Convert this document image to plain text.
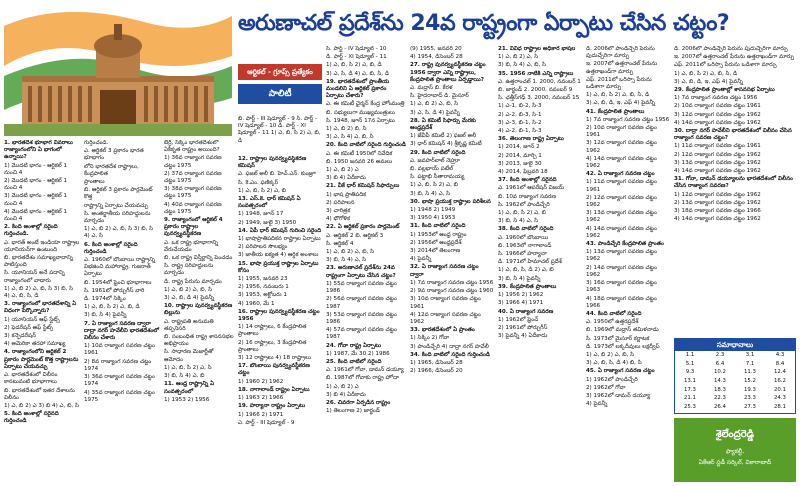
అరుణాచల్ ప్రదేశ్‌ను 24వ రాష్ట్రంగా ఏర్పాటు చేసిన చట్టం?
ఆర్టికల్ - గ్రూప్స్ ప్రత్యేకం
పాలిటీ
బి. పార్ట్ - III షెడ్యూల్ - 9 సి. పార్ట్ - IV షెడ్యూల్ - 10 డి. పార్ట్ - XI షెడ్యూల్ - 11 1) ఎ, బి, సి 2) ఎ, బి, డి

1. భారతదేశ భూభాగ వివరాలు రాజ్యాంగంలోని ఏ భాగంలో ఉన్నాయి?

1) మొదటి భాగం - ఆర్టికల్ 1 నుంచి 4

2) మొదటి భాగం - ఆర్టికల్ 1 నుంచి 4

3) మొదటి భాగం - ఆర్టికల్ 1 నుంచి 4

4) మొదటి భాగం - ఆర్టికల్ 1 నుంచి 4

2. కింది అంశాల్లో సరైంది గుర్తించండి.

ఎ. భారత్ అంటే ఇండియా రాష్ట్రాల యూనియన్‌గా ఉంటుంది

బి. భారతదేశం సమాఖ్యవాదాన్ని పాటిస్తుంది

సి. యూనియన్ అనే పదాన్ని రాజ్యాంగంలో వాడారు

1) ఎ, బి 2) ఎ, బి, సి 3) బి, సి 4) ఎ, బి, సి, డి

3. రాజ్యాంగంలో భారతదేశాన్ని ఏ విధంగా పేర్కొన్నారు?

1) యూనియన్ ఆఫ్ స్టేట్స్

2) ఫెడరేషన్ ఆఫ్ స్టేట్స్

3) కన్ఫెడరేషన్

4) అమెరికా తరహా సమాఖ్య

4. రాజ్యాంగంలోని ఆర్టికల్ 2 ప్రకారం పార్లమెంట్ కొత్త రాష్ట్రాలను ఏర్పాటు చేయవచ్చు

ఎ. భారతదేశంలో విలీనం కానటువంటి భూభాగాలు

బి. భారతదేశంలో ఇతర దేశాలను విలీనం

1) ఎ, బి 2) ఎ 3) బి 4) ఎ, బి, సి

5. కింది అంశాల్లో సరైనది గుర్తించండి

గుర్తించండి.

ఎ. ఆర్టికల్ 3 ప్రకారం భారత భూభాగం

లోని భారతదేశ రాష్ట్రాలు, కేంద్రపాలిత

ప్రాంతాలు

బి. ఆర్టికల్ 3 ప్రకారం పార్లమెంట్ కొత్త

రాష్ట్రాన్ని ఏర్పాటు చేయవచ్చు

సి. అంతర్జాతీయ సరిహద్దులను మార్చడం

1) ఎ, బి 2) ఎ, బి, సి 3) బి, సి 4) ఎ, సి

6. కింది అంశాల్లో సరైంది గుర్తించండి

ఎ. 1960లో బొంబాయి రాష్ట్రాన్ని విభజించి మహారాష్ట్ర, గుజరాత్ ఏర్పాటు

బి. 1954లో ఫ్రెంచి భూభాగాలు

సి. 1961లో పోర్చుగీస్ వారి

డి. 1974లో సిక్కిం

1) ఎ, బి, సి 2) ఎ, బి, డి

3) బి, సి 4) పైవన్నీ

7. ఏ రాజ్యాంగ సవరణ ద్వారా దాద్రా నగర్ హవేలీని భారతదేశంలో విలీనం చేశారు

1) 10వ రాజ్యాంగ సవరణ చట్టం 1961

2) 8వ రాజ్యాంగ సవరణ చట్టం 1974

3) 36వ రాజ్యాంగ సవరణ చట్టం 1974

4) 35వ రాజ్యాంగ సవరణ చట్టం 1975

బెర్రీ, సిక్కిం భారతదేశంలో ఏకీకృత రాష్ట్రం అయింది?

1) 36వ రాజ్యాంగ సవరణ చట్టం 1975

2) 37వ రాజ్యాంగ సవరణ చట్టం 1975

3) 38వ రాజ్యాంగ సవరణ చట్టం 1975

4) 40వ రాజ్యాంగ సవరణ చట్టం 1975

9. రాజ్యాంగంలో ఆర్టికల్ 4 ప్రకారం రాష్ట్రాల పునర్వ్యవస్థీకరణ

ఎ. ఒక రాష్ట్ర భూభాగాన్ని వేరుచేయడం

బి. ఒక రాష్ట్ర విస్తీర్ణాన్ని పెంచడం

సి. రాష్ట్ర సరిహద్దులను మార్చడం

డి. రాష్ట్ర పేరును మార్చడం

1) ఎ, బి 2) ఎ, బి, సి

3) ఎ, బి, డి 4) పైవన్నీ

10. రాష్ట్రాల పునర్వ్యవస్థీకరణ బిల్లును

ఎ. రాష్ట్రపతి అనుమతి తప్పనిసరి

బి. సంబంధిత రాష్ట్ర శాసనసభల అభిప్రాయం

సి. సాధారణ మెజార్టీతో ఆమోదం

1) ఎ, బి, సి 2) ఎ, సి

3) బి, సి 4) ఎ, బి

11. ఆంధ్ర రాష్ట్రాన్ని ఏ సంవత్సరంలో

1) 1953 2) 1956

12. రాష్ట్రాల పునర్వ్యవస్థీకరణ కమిషన్

ఎ. ఫజల్ అలీ బి. హెచ్.ఎన్. కుంజ్రూ

సి. కె.ఎం. ఫణిక్కర్

1) ఎ, బి, సి 2) ఎ, బి

13. ఎస్.కె. ధార్ కమిషన్ ఏ సంవత్సరంలో

1) 1948, జూన్ 17

2) 1949, జులై 3) 1950

14. ఏపీ ధార్ కమిషన్ గురించి సరైంది

1) భాషాప్రాతిపదికన రాష్ట్రాల ఏర్పాటు

2) పరిపాలన సౌలభ్యం

3) జాతీయ ఐక్యత 4) ఆర్థిక అంశాలు

15. భాషా ప్రయుక్త రాష్ట్రాల ఏర్పాటు కోసం

1) 1955, జనవరి 23

2) 1956, నవంబరు 1

3) 1953, అక్టోబరు 1

4) 1960, మే 1

16. రాష్ట్రాల పునర్వ్యవస్థీకరణ చట్టం 1956

1) 14 రాష్ట్రాలు, 6 కేంద్రపాలిత ప్రాంతాలు

2) 16 రాష్ట్రాలు, 3 కేంద్రపాలిత ప్రాంతాలు

3) 12 రాష్ట్రాలు 4) 18 రాష్ట్రాలు

17. బొంబాయి పునర్వ్యవస్థీకరణ చట్టం

1) 1960 2) 1962

18. నాగాలాండ్ రాష్ట్రం ఏర్పాటు

1) 1963 2) 1966

19. హర్యానా రాష్ట్రం ఏర్పాటు

1) 1966 2) 1971

ఎ. పార్ట్ - III షెడ్యూల్ - 9

సి. పార్ట్ - IV షెడ్యూల్ - 10

డి. పార్ట్ - XI షెడ్యూల్ - 11

1) ఎ, బి, సి 2) ఎ, బి, డి

3) ఎ, సి, డి 4) ఎ, బి, సి, డి

19. భారతదేశంలో ప్రాంతీయ మండలిని ఏ ఆర్టికల్ ప్రకారం ఏర్పాటు చేశారు?

ఎ. ఈ కమిటీ ఛైర్మన్ కేంద్ర హోంమంత్రి

బి. సభ్యులుగా ముఖ్యమంత్రులు

సి. 1948, జూన్ 17న ఏర్పాటు

1) ఎ, బి 2) బి, సి

3) ఎ, సి 4) ఎ, బి, సి

20. కింది వాటిలో సరైంది గుర్తించండి

ఎ. ఈ కమిటీ 1950లో నివేదిక

బి. 1950 జనవరి 26 అమలు

1) ఎ, బి 2) ఎ

3) బి 4) ఏదీకాదు

21. వీకే ధార్ కమిషన్ సిఫార్సులు

1) భాష ప్రాతిపదిక

2) పరిపాలన

3) చారిత్రక

4) భౌగోళిక

22. ఏ ఆర్టికల్ ప్రకారం పార్లమెంట్

ఎ. ఆర్టికల్ 2 బి. ఆర్టికల్ 3

సి. ఆర్టికల్ 4

1) ఎ, బి 2) ఎ, బి, సి

3) బి, సి 4) ఎ, సి

23. అరుణాచల్ ప్రదేశ్‌ను 24వ రాష్ట్రంగా ఏర్పాటు చేసిన చట్టం?

1) 55వ రాజ్యాంగ సవరణ చట్టం 1986

2) 56వ రాజ్యాంగ సవరణ చట్టం 1987

3) 53వ రాజ్యాంగ సవరణ చట్టం 1986

4) 57వ రాజ్యాంగ సవరణ చట్టం 1987

24. గోవా రాష్ట్ర ఏర్పాటు

1) 1987, మే 30 2) 1986

25. కింది వాటిలో సరైంది

ఎ. 1961లో గోవా, డామన్ డయ్యూ

బి. 1987లో గోవాకు రాష్ట్ర హోదా

1) ఎ, బి 2) ఎ

3) బి 4) ఏదీకాదు

26. చివరగా ఏర్పడిన రాష్ట్రం

1) తెలంగాణ 2) జార్ఖండ్

(9) 1955, జనవరి 20

4) 1954, డిసెంబర్ 28

27. రాష్ట్ర పునర్వ్యవస్థీకరణ చట్టం 1956 ద్వారా ఎన్ని రాష్ట్రాలు, కేంద్రపాలిత ప్రాంతాలు ఏర్పడ్డాయి?

ఎ. మద్రాస్ బి. కేరళ

సి. హైదరాబాద్ డి. మైసూర్

1) ఎ, బి 2) ఎ, బి, సి

3) ఎ, సి, డి 4) పైవన్నీ

28. ఏ కమిటీ సిఫార్సు మేరకు ఆంధ్రప్రదేశ్

1) జేవీపీ కమిటీ 2) ఫజల్ అలీ

3) ధార్ కమిషన్ 4) శ్రీకృష్ణ కమిటీ

29. కింది వాటిలో సరైంది

ఎ. జవహర్‌లాల్ నెహ్రూ

బి. వల్లభాయ్ పటేల్

సి. పట్టాభి సీతారామయ్య

1) ఎ, బి, సి 2) ఎ, బి

3) బి, సి 4) ఎ, సి

30. భాషా ప్రయుక్త రాష్ట్రాల పరిశీలన

1) 1948 2) 1949

3) 1950 4) 1953

31. కింది వాటిలో సరైంది

1) 1953లో ఆంధ్ర రాష్ట్రం

2) 1956లో ఆంధ్రప్రదేశ్

3) 2014లో తెలంగాణ

4) పైవన్నీ

32. ఏ రాజ్యాంగ సవరణ చట్టం ద్వారా

1) 7వ రాజ్యాంగ సవరణ చట్టం 1956

2) 9వ రాజ్యాంగ సవరణ చట్టం 1960

3) 10వ రాజ్యాంగ సవరణ చట్టం 1961

4) 12వ రాజ్యాంగ సవరణ చట్టం 1962

33. భారతదేశంలో ఏ ప్రాంతం

1) సిక్కిం 2) గోవా

3) పాండిచ్చేరి 4) దాద్రా నగర్ హవేలీ

34. కింది వాటిలో సరైంది గుర్తించండి

1) 1965, డిసెంబర్ 28

2) 1966, డిసెంబర్ 20

21. వివిధ రాష్ట్రాల అధికార భాషల

1) ఎ, బి 2) ఎ, సి

3) బి, సి 4) ఎ, బి, సి

35. 1956 నాటికి ఎన్ని రాష్ట్రాలు

ఎ. ఉత్తరాంచల్ 1. 2000, నవంబర్ 1

బి. జార్ఖండ్ 2. 2000, నవంబర్ 9

సి. ఛత్తీస్‌గఢ్ 3. 2000, నవంబర్ 15

1) ఎ-1, బి-2, సి-3

2) ఎ-2, బి-3, సి-1

3) ఎ-3, బి-1, సి-2

4) ఎ-2, బి-1, సి-3

36. తెలంగాణ రాష్ట్ర ఏర్పాటు

1) 2014, జూన్ 2

2) 2014, మార్చి 1

3) 2013, జులై 30

4) 2014, ఫిబ్రవరి 18

37. కింది అంశాల్లో సరైనది

ఎ. 1961లో ఆపరేషన్ విజయ్

బి. 10వ రాజ్యాంగ సవరణ

సి. 1962లో పాండిచ్చేరి

1) ఎ, బి, సి 2) ఎ, బి

3) బి, సి 4) ఎ, సి

38. కింది వాటిలో సరైంది

ఎ. 1960లో బొంబాయి

బి. 1963లో నాగాలాండ్

సి. 1966లో హర్యానా

డి. 1971లో హిమాచల్ ప్రదేశ్

1) ఎ, బి, సి, డి 2) ఎ, బి

3) బి, సి 4) పైవన్నీ

39. కేంద్రపాలిత ప్రాంతాలు

1) 1956 2) 1962

3) 1966 4) 1971

40. ఏ రాజ్యాంగ సవరణ

1) 1962లో ఫ్రెంచ్

2) 1961లో పోర్చుగీస్

3) పైవన్నీ 4) ఏదీకాదు

డి. 2006లో పాండిచ్చేరి పేరును పుదుచ్చేరిగా మార్పు

ఇ. 2007లో ఉత్తరాంచల్ పేరును ఉత్తరాఖండ్‌గా మార్పు

ఎఫ్. 2011లో ఒరిస్సా పేరును ఒడిశాగా మార్పు

1) ఎ, బి, సి 2) ఎ, బి, సి, డి

3) ఎ, బి, డి, ఇ, ఎఫ్ 4) పైవన్నీ

41. కేంద్రపాలిత ప్రాంతాలు

1) 7వ రాజ్యాంగ సవరణ చట్టం 1956

2) 10వ రాజ్యాంగ సవరణ చట్టం 1961

3) 12వ రాజ్యాంగ సవరణ చట్టం 1962

4) 14వ రాజ్యాంగ సవరణ చట్టం 1962

42. ఏ రాజ్యాంగ సవరణ చట్టం

1) 11వ రాజ్యాంగ సవరణ చట్టం 1961

2) 12వ రాజ్యాంగ సవరణ చట్టం 1962

3) 13వ రాజ్యాంగ సవరణ చట్టం 1962

4) 14వ రాజ్యాంగ సవరణ చట్టం 1962

43. పాండిచ్చేరి కేంద్రపాలిత ప్రాంతం

1) 13వ రాజ్యాంగ సవరణ చట్టం 1962

2) 14వ రాజ్యాంగ సవరణ చట్టం 1962

3) 16వ రాజ్యాంగ సవరణ చట్టం 1963

4) 18వ రాజ్యాంగ సవరణ చట్టం 1966

44. కింది వాటిలో సరైంది

ఎ. 1950లో ఉత్తరప్రదేశ్

బి. 1969లో మద్రాస్ తమిళనాడు

సి. 1973లో మైసూర్ కర్ణాటక

డి. 1973లో లక్కదీవులు లక్షద్వీప్

1) ఎ, బి 2) ఎ, బి, సి

3) ఎ, బి, సి, డి 4) బి, సి

45. ఏ రాజ్యాంగ సవరణ చట్టం

1) 1962లో పాండిచ్చేరి

2) 1962లో గోవా

3) 1962లో డామన్ డయ్యూ

4) పైవన్నీ

డి. 2006లో పాండిచ్చేరి పేరును పుదుచ్చేరిగా మార్పు

ఇ. 2007లో ఉత్తరాంచల్ పేరును ఉత్తరాఖండ్‌గా మార్పు

ఎఫ్. 2011లో ఒరిస్సా పేరును ఒడిశాగా మార్పు

1) ఎ, బి, సి 2) ఎ, బి, సి, డి

3) ఎ, బి, డి, ఇ, ఎఫ్ 4) పైవన్నీ

29. కేంద్రపాలిత ప్రాంతాల్లో శాసనసభ ఏర్పాటు

1) 7వ రాజ్యాంగ సవరణ చట్టం 1956

2) 10వ రాజ్యాంగ సవరణ చట్టం 1961

3) 12వ రాజ్యాంగ సవరణ చట్టం 1962

4) 14వ రాజ్యాంగ సవరణ చట్టం 1962

30. దాద్రా నగర్ హవేలీని భారతదేశంలో విలీనం చేసిన రాజ్యాంగ సవరణ చట్టం?

1) 11వ రాజ్యాంగ సవరణ చట్టం 1961

2) 12వ రాజ్యాంగ సవరణ చట్టం 1962

3) 13వ రాజ్యాంగ సవరణ చట్టం 1962

4) 14వ రాజ్యాంగ సవరణ చట్టం 1962

31. గోవా, డామన్ డయ్యూలను భారతదేశంలో విలీనం చేసిన రాజ్యాంగ సవరణ?

1) 12వ రాజ్యాంగ సవరణ చట్టం 1962

2) 13వ రాజ్యాంగ సవరణ చట్టం 1962

3) 18వ రాజ్యాంగ సవరణ చట్టం 1966

4) 14వ రాజ్యాంగ సవరణ చట్టం 1962

సమాధానాలు
1.1	2.3	3.1	4.3
5.1	6.4	7.1	8.4
9.3	10.2	11.3	12.4
13.1	14.3	15.2	16.2
17.3	18.3	19.3	20.1
21.1	22.3	23.3	24.3
25.3	26.4	27.3	28.1
శైలేంద్రరెడ్డి
ఫ్యాకల్టీ,
ఏకేఆర్ స్టడీ సర్కిల్, వికారాబాద్
